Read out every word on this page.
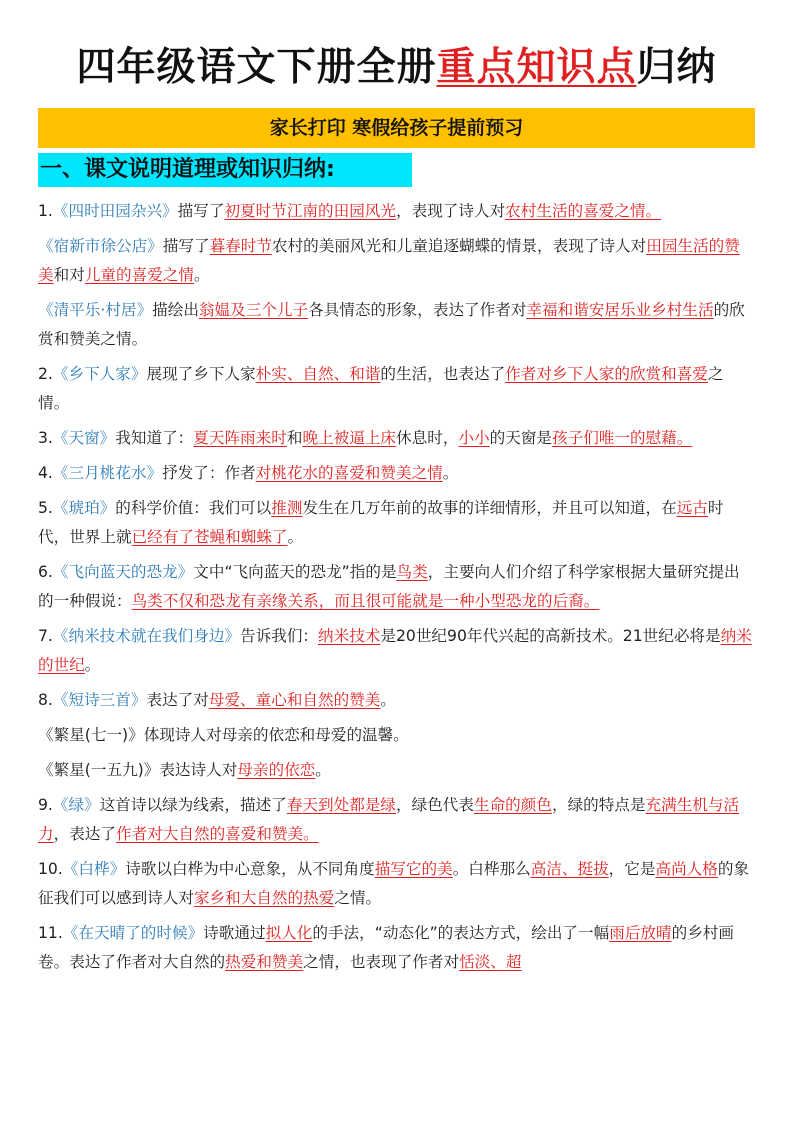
四年级语文下册全册重点知识点归纳
家长打印 寒假给孩子提前预习
一、课文说明道理或知识归纳:
1.《四时田园杂兴》描写了初夏时节江南的田园风光，表现了诗人对农村生活的喜爱之情。
《宿新市徐公店》描写了暮春时节农村的美丽风光和儿童追逐蝴蝶的情景，表现了诗人对田园生活的赞美和对儿童的喜爱之情。
《清平乐·村居》描绘出翁媪及三个儿子各具情态的形象，表达了作者对幸福和谐安居乐业乡村生活的欣赏和赞美之情。
2.《乡下人家》展现了乡下人家朴实、自然、和谐的生活，也表达了作者对乡下人家的欣赏和喜爱之情。
3.《天窗》我知道了：夏天阵雨来时和晚上被逼上床休息时，小小的天窗是孩子们唯一的慰藉。
4.《三月桃花水》抒发了：作者对桃花水的喜爱和赞美之情。
5.《琥珀》的科学价值：我们可以推测发生在几万年前的故事的详细情形，并且可以知道，在远古时代，世界上就已经有了苍蝇和蜘蛛了。
6.《飞向蓝天的恐龙》文中“飞向蓝天的恐龙”指的是鸟类，主要向人们介绍了科学家根据大量研究提出的一种假说：鸟类不仅和恐龙有亲缘关系，而且很可能就是一种小型恐龙的后裔。
7.《纳米技术就在我们身边》告诉我们：纳米技术是20世纪90年代兴起的高新技术。21世纪必将是纳米的世纪。
8.《短诗三首》表达了对母爱、童心和自然的赞美。
《繁星(七一)》体现诗人对母亲的依恋和母爱的温馨。
《繁星(一五九)》表达诗人对母亲的依恋。
9.《绿》这首诗以绿为线索，描述了春天到处都是绿，绿色代表生命的颜色，绿的特点是充满生机与活力，表达了作者对大自然的喜爱和赞美。
10.《白桦》诗歌以白桦为中心意象，从不同角度描写它的美。白桦那么高洁、挺拔，它是高尚人格的象征我们可以感到诗人对家乡和大自然的热爱之情。
11.《在天晴了的时候》诗歌通过拟人化的手法，“动态化”的表达方式，绘出了一幅雨后放晴的乡村画卷。表达了作者对大自然的热爱和赞美之情，也表现了作者对恬淡、超
